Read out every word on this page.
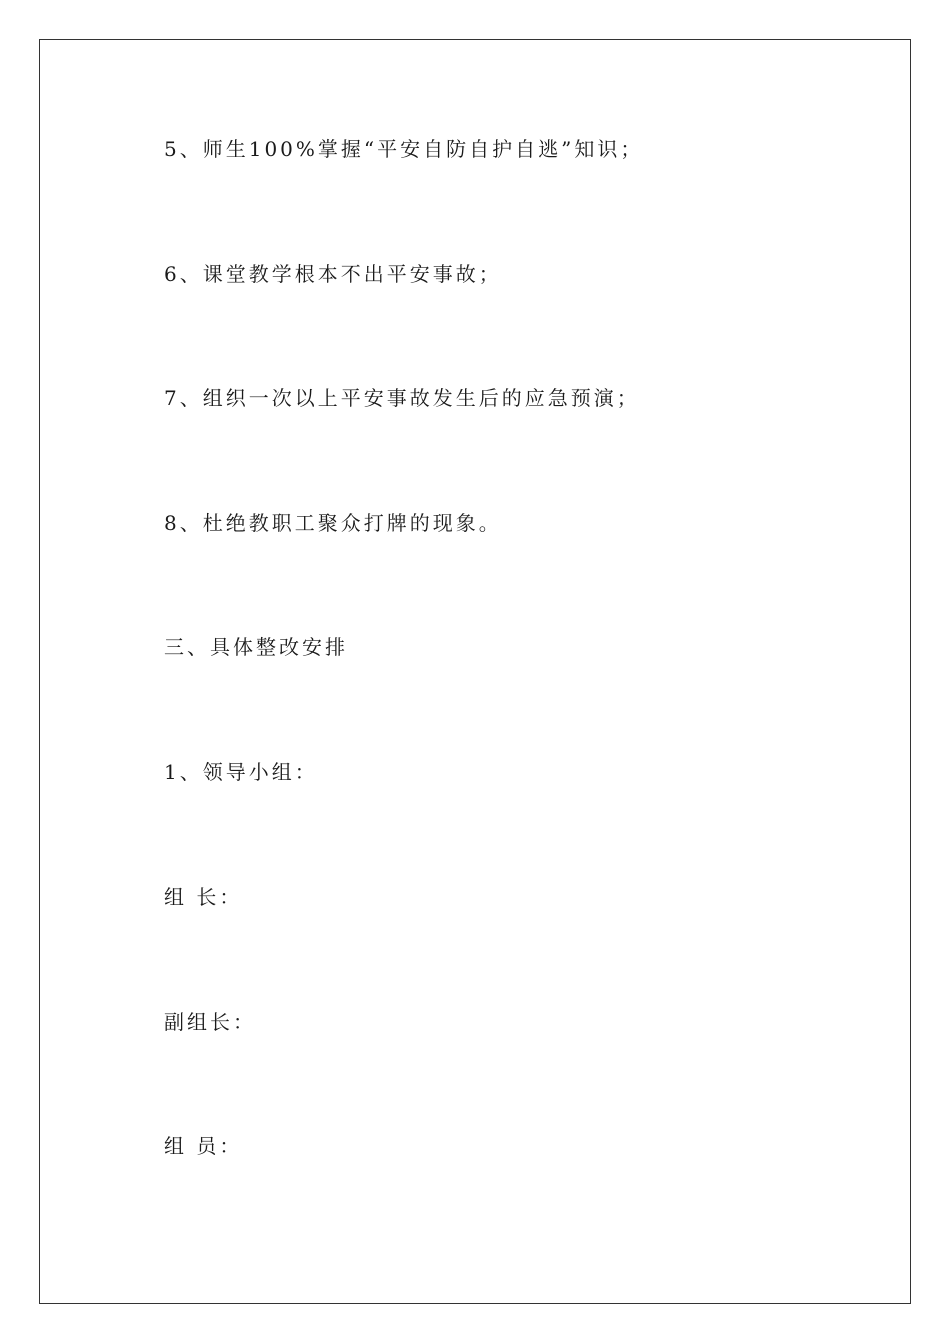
5、师生100%掌握“平安自防自护自逃”知识；
6、课堂教学根本不出平安事故；
7、组织一次以上平安事故发生后的应急预演；
8、杜绝教职工聚众打牌的现象。
三、具体整改安排
1、领导小组：
组 长：
副组长：
组 员：
